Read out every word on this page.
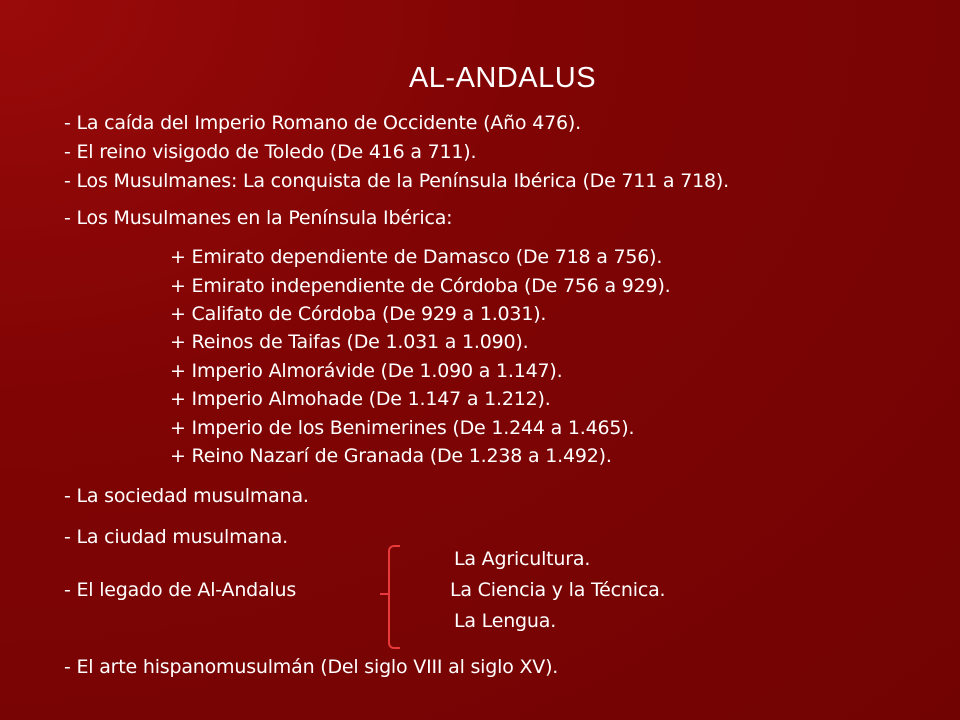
AL-ANDALUS
- La caída del Imperio Romano de Occidente (Año 476).
- El reino visigodo de Toledo (De 416 a 711).
- Los Musulmanes: La conquista de la Península Ibérica (De 711 a 718).
- Los Musulmanes en la Península Ibérica:
+ Emirato dependiente de Damasco (De 718 a 756).
+ Emirato independiente de Córdoba (De 756 a 929).
+ Califato de Córdoba (De 929 a 1.031).
+ Reinos de Taifas (De 1.031 a 1.090).
+ Imperio Almorávide (De 1.090 a 1.147).
+ Imperio Almohade (De 1.147 a 1.212).
+ Imperio de los Benimerines (De 1.244 a 1.465).
+ Reino Nazarí de Granada (De 1.238 a 1.492).
- La sociedad musulmana.
- La ciudad musulmana.
- El legado de Al-Andalus
La Agricultura.
La Ciencia y la Técnica.
La Lengua.
- El arte hispanomusulmán (Del siglo VIII al siglo XV).
